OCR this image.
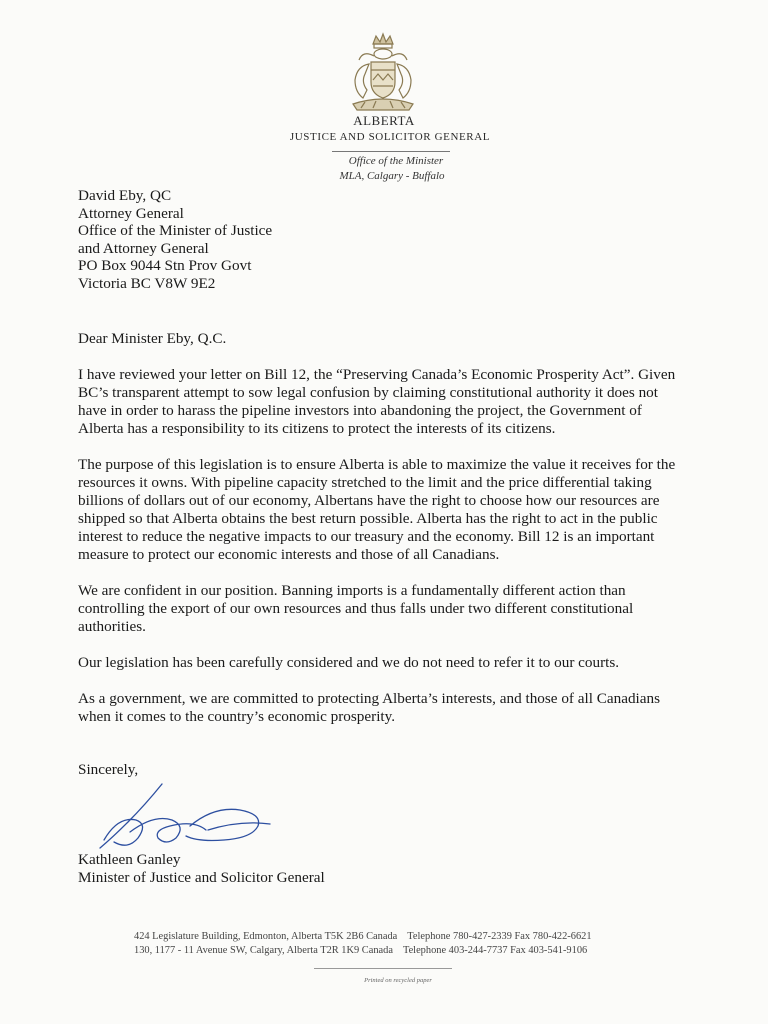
ALBERTA
JUSTICE AND SOLICITOR GENERAL
Office of the Minister
MLA, Calgary - Buffalo
David Eby, QC
Attorney General
Office of the Minister of Justice
and Attorney General
PO Box 9044 Stn Prov Govt
Victoria BC V8W 9E2
Dear Minister Eby, Q.C.

I have reviewed your letter on Bill 12, the “Preserving Canada’s Economic Prosperity Act”. Given BC’s transparent attempt to sow legal confusion by claiming constitutional authority it does not have in order to harass the pipeline investors into abandoning the project, the Government of Alberta has a responsibility to its citizens to protect the interests of its citizens.

The purpose of this legislation is to ensure Alberta is able to maximize the value it receives for the resources it owns. With pipeline capacity stretched to the limit and the price differential taking billions of dollars out of our economy, Albertans have the right to choose how our resources are shipped so that Alberta obtains the best return possible. Alberta has the right to act in the public interest to reduce the negative impacts to our treasury and the economy. Bill 12 is an important measure to protect our economic interests and those of all Canadians.

We are confident in our position. Banning imports is a fundamentally different action than controlling the export of our own resources and thus falls under two different constitutional authorities.

Our legislation has been carefully considered and we do not need to refer it to our courts.

As a government, we are committed to protecting Alberta’s interests, and those of all Canadians when it comes to the country’s economic prosperity.

Sincerely,
Kathleen Ganley
Minister of Justice and Solicitor General
424 Legislature Building, Edmonton, Alberta T5K 2B6 Canada Telephone 780-427-2339 Fax 780-422-6621
130, 1177 - 11 Avenue SW, Calgary, Alberta T2R 1K9 Canada Telephone 403-244-7737 Fax 403-541-9106
Printed on recycled paper
